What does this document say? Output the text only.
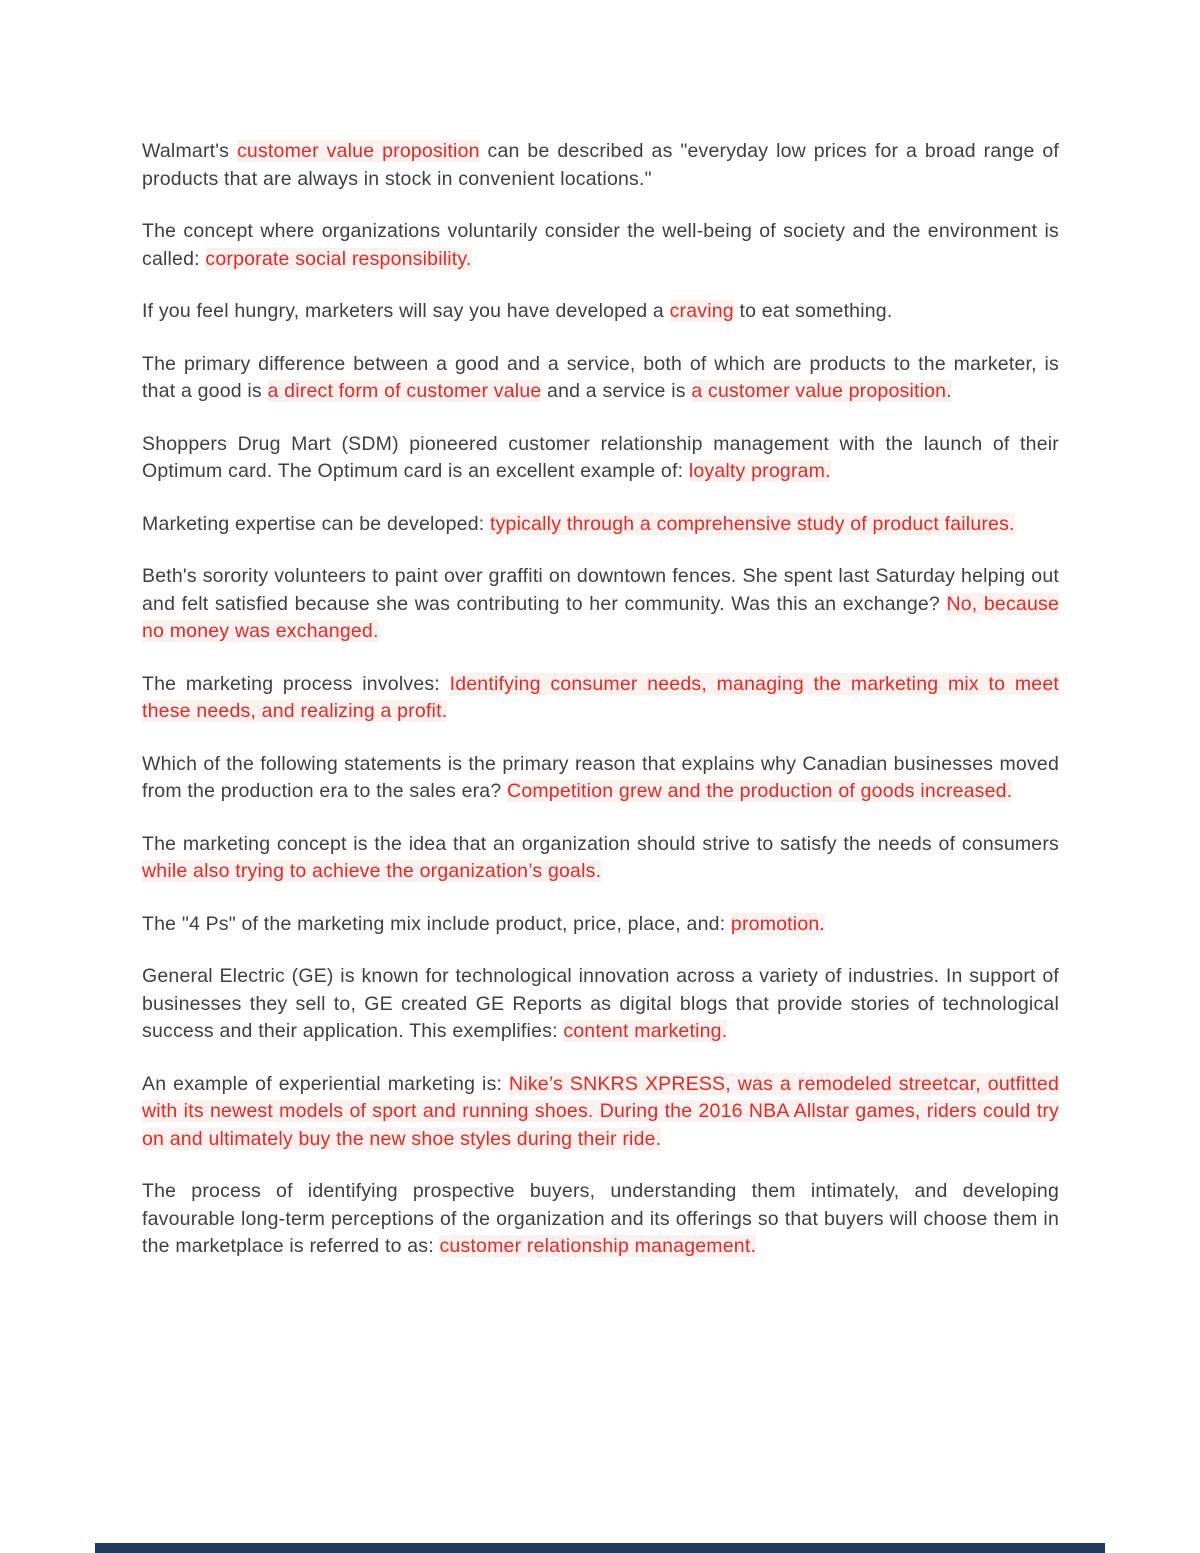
Walmart's customer value proposition can be described as "everyday low prices for a broad range of products that are always in stock in convenient locations."

The concept where organizations voluntarily consider the well-being of society and the environment is called: corporate social responsibility.

If you feel hungry, marketers will say you have developed a craving to eat something.

The primary difference between a good and a service, both of which are products to the marketer, is that a good is a direct form of customer value and a service is a customer value proposition.

Shoppers Drug Mart (SDM) pioneered customer relationship management with the launch of their Optimum card. The Optimum card is an excellent example of: loyalty program.

Marketing expertise can be developed: typically through a comprehensive study of product failures.

Beth's sorority volunteers to paint over graffiti on downtown fences. She spent last Saturday helping out and felt satisfied because she was contributing to her community. Was this an exchange? No, because no money was exchanged.

The marketing process involves: Identifying consumer needs, managing the marketing mix to meet these needs, and realizing a profit.

Which of the following statements is the primary reason that explains why Canadian businesses moved from the production era to the sales era? Competition grew and the production of goods increased.

The marketing concept is the idea that an organization should strive to satisfy the needs of consumers while also trying to achieve the organization’s goals.

The "4 Ps" of the marketing mix include product, price, place, and: promotion.

General Electric (GE) is known for technological innovation across a variety of industries. In support of businesses they sell to, GE created GE Reports as digital blogs that provide stories of technological success and their application. This exemplifies: content marketing.

An example of experiential marketing is: Nike’s SNKRS XPRESS, was a remodeled streetcar, outfitted with its newest models of sport and running shoes. During the 2016 NBA Allstar games, riders could try on and ultimately buy the new shoe styles during their ride.

The process of identifying prospective buyers, understanding them intimately, and developing favourable long-term perceptions of the organization and its offerings so that buyers will choose them in the marketplace is referred to as: customer relationship management.
